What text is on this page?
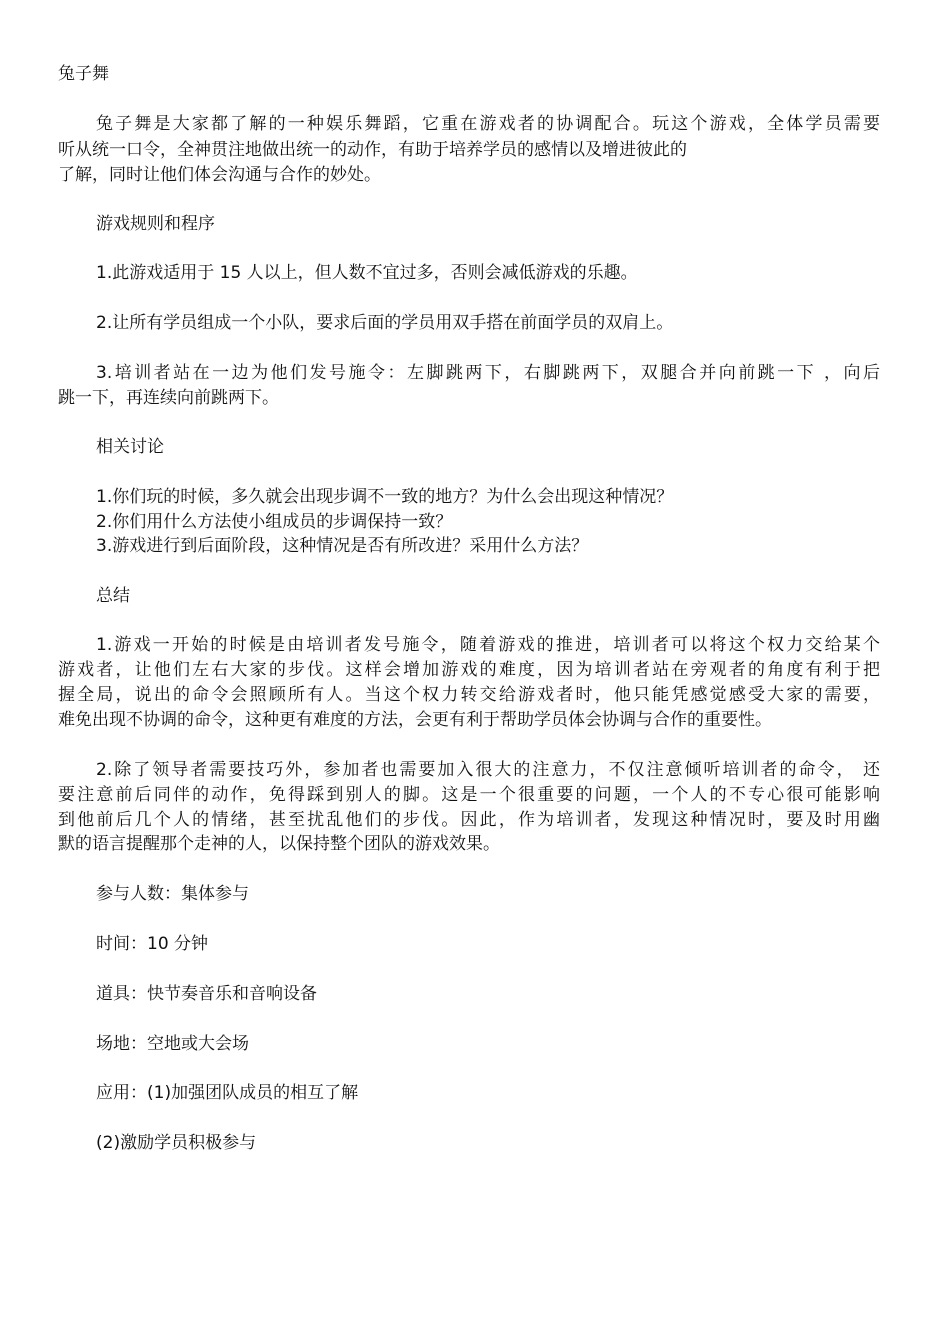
兔子舞
兔子舞是大家都了解的一种娱乐舞蹈，它重在游戏者的协调配合。玩这个游戏，全体学员需要
听从统一口令，全神贯注地做出统一的动作，有助于培养学员的感情以及增进彼此的
了解，同时让他们体会沟通与合作的妙处。
游戏规则和程序
1.此游戏适用于 15 人以上，但人数不宜过多，否则会减低游戏的乐趣。
2.让所有学员组成一个小队，要求后面的学员用双手搭在前面学员的双肩上。
3.培训者站在一边为他们发号施令：左脚跳两下，右脚跳两下，双腿合并向前跳一下 ，向后
跳一下，再连续向前跳两下。
相关讨论
1.你们玩的时候，多久就会出现步调不一致的地方？为什么会出现这种情况？
2.你们用什么方法使小组成员的步调保持一致？
3.游戏进行到后面阶段，这种情况是否有所改进？采用什么方法？
总结
1.游戏一开始的时候是由培训者发号施令，随着游戏的推进，培训者可以将这个权力交给某个
游戏者，让他们左右大家的步伐。这样会增加游戏的难度，因为培训者站在旁观者的角度有利于把
握全局，说出的命令会照顾所有人。当这个权力转交给游戏者时，他只能凭感觉感受大家的需要，
难免出现不协调的命令，这种更有难度的方法，会更有利于帮助学员体会协调与合作的重要性。
2.除了领导者需要技巧外，参加者也需要加入很大的注意力，不仅注意倾听培训者的命令， 还
要注意前后同伴的动作，免得踩到别人的脚。这是一个很重要的问题，一个人的不专心很可能影响
到他前后几个人的情绪，甚至扰乱他们的步伐。因此，作为培训者，发现这种情况时，要及时用幽
默的语言提醒那个走神的人，以保持整个团队的游戏效果。
参与人数：集体参与
时间：10 分钟
道具：快节奏音乐和音响设备
场地：空地或大会场
应用：(1)加强团队成员的相互了解
(2)激励学员积极参与
